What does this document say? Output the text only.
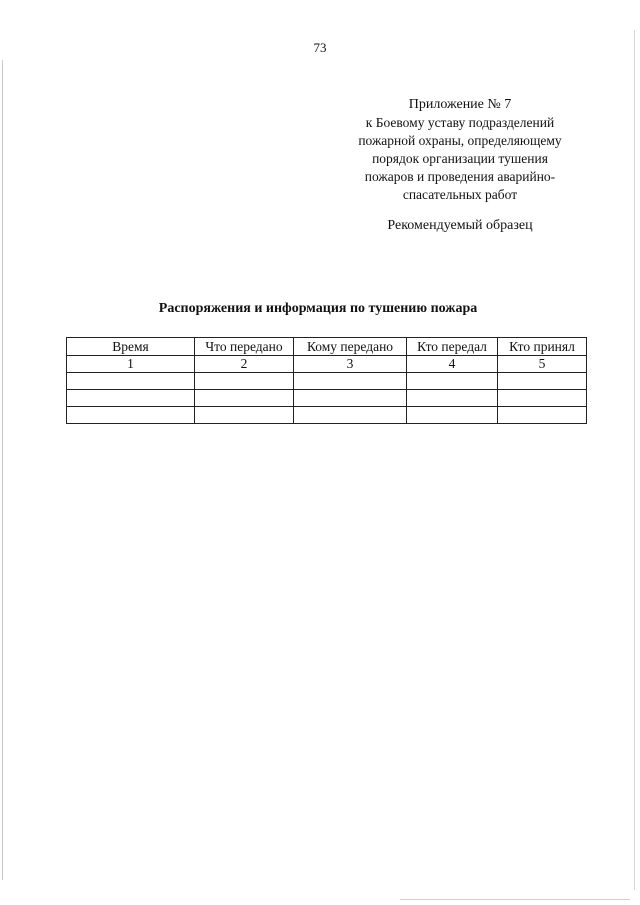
73
Приложение № 7
к Боевому уставу подразделений
пожарной охраны, определяющему
порядок организации тушения
пожаров и проведения аварийно-
спасательных работ
Рекомендуемый образец
Распоряжения и информация по тушению пожара
Время	Что передано	Кому передано	Кто передал	Кто принял
1	2	3	4	5
